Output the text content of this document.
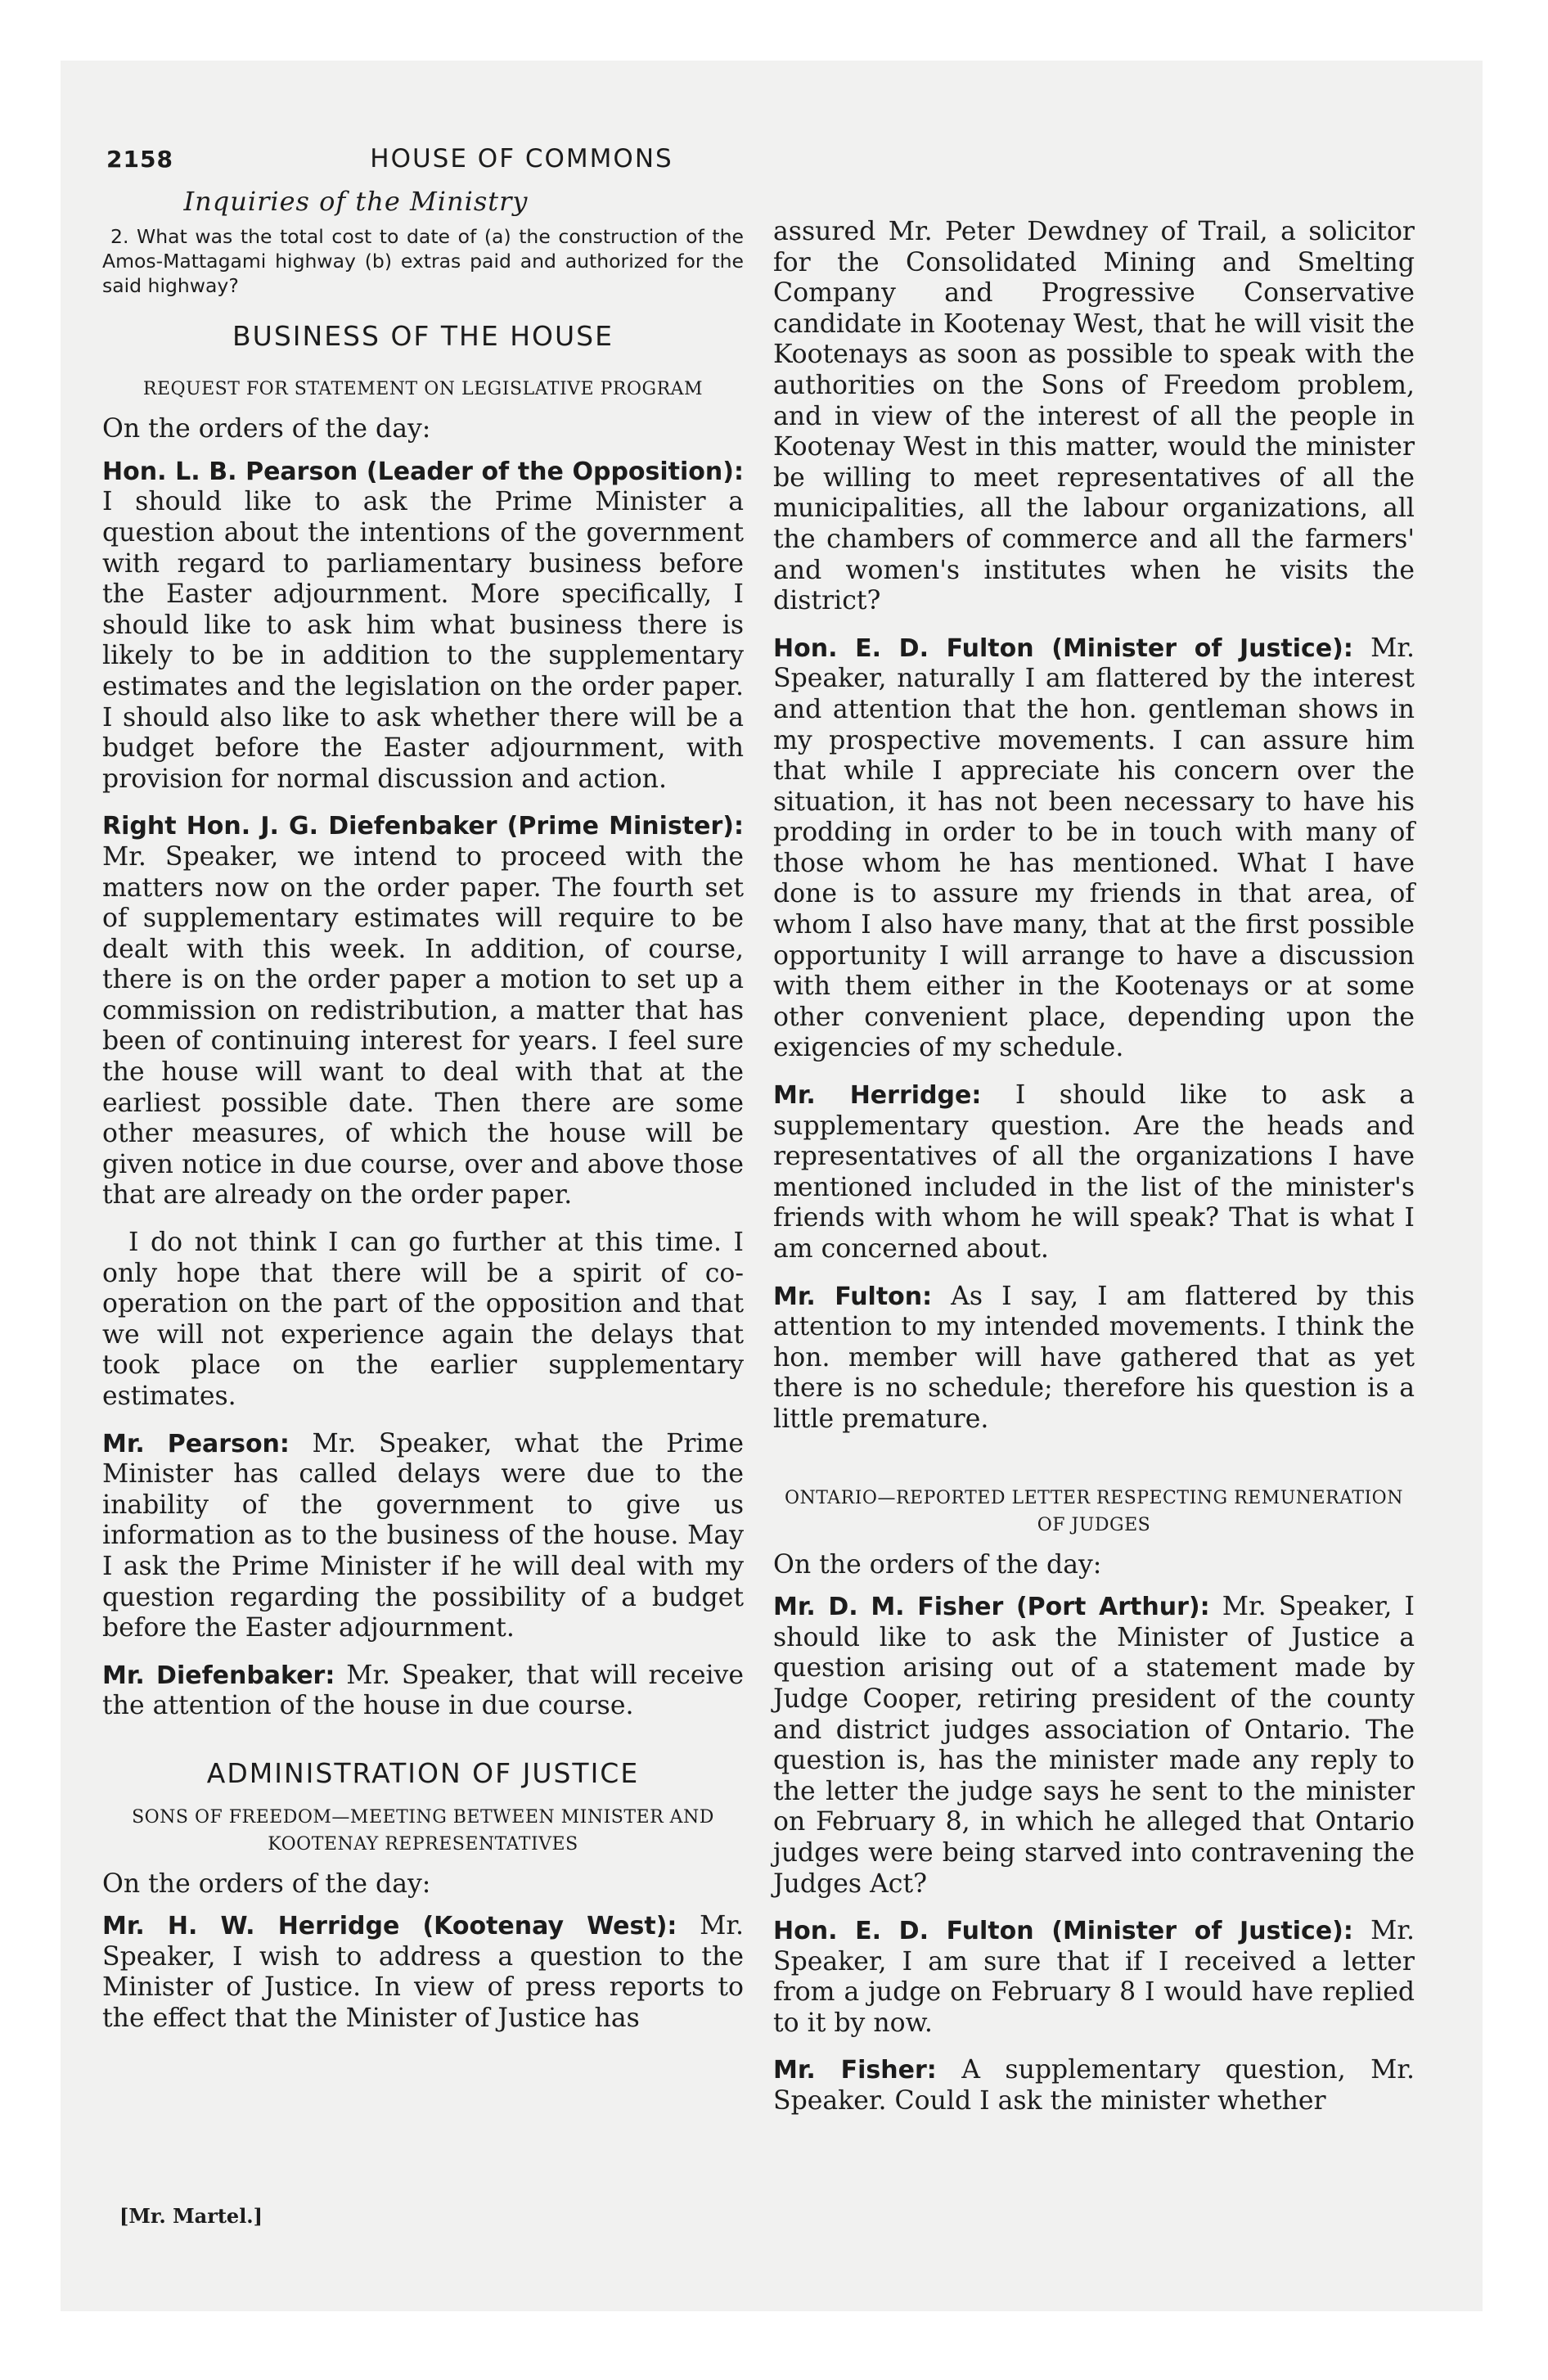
2158	HOUSE OF COMMONS
Inquiries of the Ministry

2. What was the total cost to date of (a) the construction of the Amos-Mattagami highway (b) extras paid and authorized for the said highway?

BUSINESS OF THE HOUSE
REQUEST FOR STATEMENT ON LEGISLATIVE PROGRAM

On the orders of the day:

Hon. L. B. Pearson (Leader of the Opposition): I should like to ask the Prime Minister a question about the intentions of the government with regard to parliamentary business before the Easter adjournment. More specifically, I should like to ask him what business there is likely to be in addition to the supplementary estimates and the legislation on the order paper. I should also like to ask whether there will be a budget before the Easter adjournment, with provision for normal discussion and action.

Right Hon. J. G. Diefenbaker (Prime Minister): Mr. Speaker, we intend to proceed with the matters now on the order paper. The fourth set of supplementary estimates will require to be dealt with this week. In addition, of course, there is on the order paper a motion to set up a commission on redistribution, a matter that has been of continuing interest for years. I feel sure the house will want to deal with that at the earliest possible date. Then there are some other measures, of which the house will be given notice in due course, over and above those that are already on the order paper.

I do not think I can go further at this time. I only hope that there will be a spirit of co-operation on the part of the opposition and that we will not experience again the delays that took place on the earlier supplementary estimates.

Mr. Pearson: Mr. Speaker, what the Prime Minister has called delays were due to the inability of the government to give us information as to the business of the house. May I ask the Prime Minister if he will deal with my question regarding the possibility of a budget before the Easter adjournment.

Mr. Diefenbaker: Mr. Speaker, that will receive the attention of the house in due course.

ADMINISTRATION OF JUSTICE
SONS OF FREEDOM—MEETING BETWEEN MINISTER AND KOOTENAY REPRESENTATIVES

On the orders of the day:

Mr. H. W. Herridge (Kootenay West): Mr. Speaker, I wish to address a question to the Minister of Justice. In view of press reports to the effect that the Minister of Justice has

assured Mr. Peter Dewdney of Trail, a solicitor for the Consolidated Mining and Smelting Company and Progressive Conservative candidate in Kootenay West, that he will visit the Kootenays as soon as possible to speak with the authorities on the Sons of Freedom problem, and in view of the interest of all the people in Kootenay West in this matter, would the minister be willing to meet representatives of all the municipalities, all the labour organizations, all the chambers of commerce and all the farmers' and women's institutes when he visits the district?

Hon. E. D. Fulton (Minister of Justice): Mr. Speaker, naturally I am flattered by the interest and attention that the hon. gentleman shows in my prospective movements. I can assure him that while I appreciate his concern over the situation, it has not been necessary to have his prodding in order to be in touch with many of those whom he has mentioned. What I have done is to assure my friends in that area, of whom I also have many, that at the first possible opportunity I will arrange to have a discussion with them either in the Kootenays or at some other convenient place, depending upon the exigencies of my schedule.

Mr. Herridge: I should like to ask a supplementary question. Are the heads and representatives of all the organizations I have mentioned included in the list of the minister's friends with whom he will speak? That is what I am concerned about.

Mr. Fulton: As I say, I am flattered by this attention to my intended movements. I think the hon. member will have gathered that as yet there is no schedule; therefore his question is a little premature.

ONTARIO—REPORTED LETTER RESPECTING REMUNERATION OF JUDGES

On the orders of the day:

Mr. D. M. Fisher (Port Arthur): Mr. Speaker, I should like to ask the Minister of Justice a question arising out of a statement made by Judge Cooper, retiring president of the county and district judges association of Ontario. The question is, has the minister made any reply to the letter the judge says he sent to the minister on February 8, in which he alleged that Ontario judges were being starved into contravening the Judges Act?

Hon. E. D. Fulton (Minister of Justice): Mr. Speaker, I am sure that if I received a letter from a judge on February 8 I would have replied to it by now.

Mr. Fisher: A supplementary question, Mr. Speaker. Could I ask the minister whether

[Mr. Martel.]
